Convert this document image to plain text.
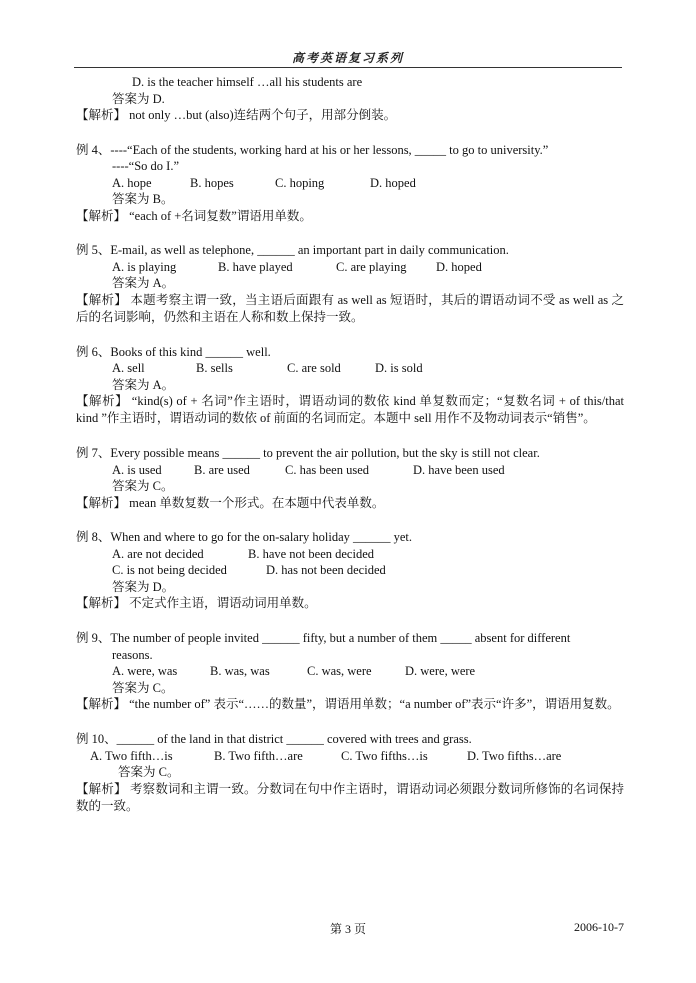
高考英语复习系列
D. is the teacher himself …all his students are
答案为 D.
【解析】 not only …but (also)连结两个句子，用部分倒装。
例 4、----“Each of the students, working hard at his or her lessons, _____ to go to university.”
----“So do I.”
A. hope	B. hopes	C. hoping	D. hoped
答案为 B。
【解析】 “each of +名词复数”谓语用单数。
例 5、E-mail, as well as telephone, ______ an important part in daily communication.
A. is playing	B. have played	C. are playing D. hoped
答案为 A。
【解析】 本题考察主谓一致，当主语后面跟有 as well as 短语时，其后的谓语动词不受 as well as 之后的名词影响，仍然和主语在人称和数上保持一致。
例 6、Books of this kind ______ well.
A. sell	B. sells	C. are sold	D. is sold
答案为 A。
【解析】 “kind(s) of + 名词”作主语时，谓语动词的数依 kind 单复数而定；“复数名词 + of this/that kind ”作主语时，谓语动词的数依 of 前面的名词而定。本题中 sell 用作不及物动词表示“销售”。
例 7、Every possible means ______ to prevent the air pollution, but the sky is still not clear.
A. is used	B. are used	C. has been used	D. have been used
答案为 C。
【解析】 mean 单数复数一个形式。在本题中代表单数。
例 8、When and where to go for the on-salary holiday ______ yet.
A. are not decided	B. have not been decided
C. is not being decided	D. has not been decided
答案为 D。
【解析】 不定式作主语，谓语动词用单数。
例 9、The number of people invited ______ fifty, but a number of them _____ absent for different
reasons.
A. were, was	B. was, was	C. was, were	D. were, were
答案为 C。
【解析】 “the number of” 表示“……的数量”，谓语用单数；“a number of”表示“许多”，谓语用复数。
例 10、______ of the land in that district ______ covered with trees and grass.
A. Two fifth…is	B. Two fifth…are	C. Two fifths…is	D. Two fifths…are
答案为 C。
【解析】 考察数词和主谓一致。分数词在句中作主语时，谓语动词必须跟分数词所修饰的名词保持数的一致。
第 3 页	2006-10-7
